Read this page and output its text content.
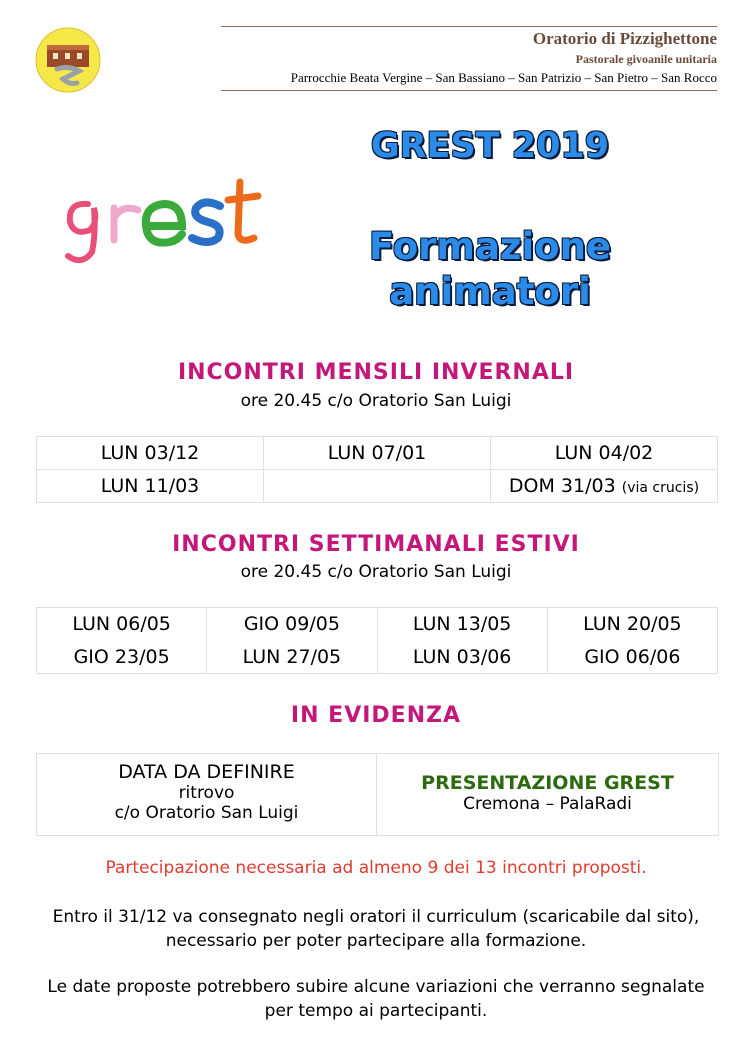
Oratorio di Pizzighettone
Pastorale givoanile unitaria
Parrocchie Beata Vergine – San Bassiano – San Patrizio – San Pietro – San Rocco
GREST 2019
Formazione
animatori
INCONTRI MENSILI INVERNALI
ore 20.45 c/o Oratorio San Luigi
LUN 03/12	LUN 07/01	LUN 04/02
LUN 11/03		DOM 31/03 (via crucis)
INCONTRI SETTIMANALI ESTIVI
ore 20.45 c/o Oratorio San Luigi
LUN 06/05	GIO 09/05	LUN 13/05	LUN 20/05
GIO 23/05	LUN 27/05	LUN 03/06	GIO 06/06
IN EVIDENZA
DATA DA DEFINIRE
ritrovo
c/o Oratorio San Luigi
PRESENTAZIONE GREST
Cremona – PalaRadi
Partecipazione necessaria ad almeno 9 dei 13 incontri proposti.
Entro il 31/12 va consegnato negli oratori il curriculum (scaricabile dal sito), necessario per poter partecipare alla formazione.
Le date proposte potrebbero subire alcune variazioni che verranno segnalate per tempo ai partecipanti.
